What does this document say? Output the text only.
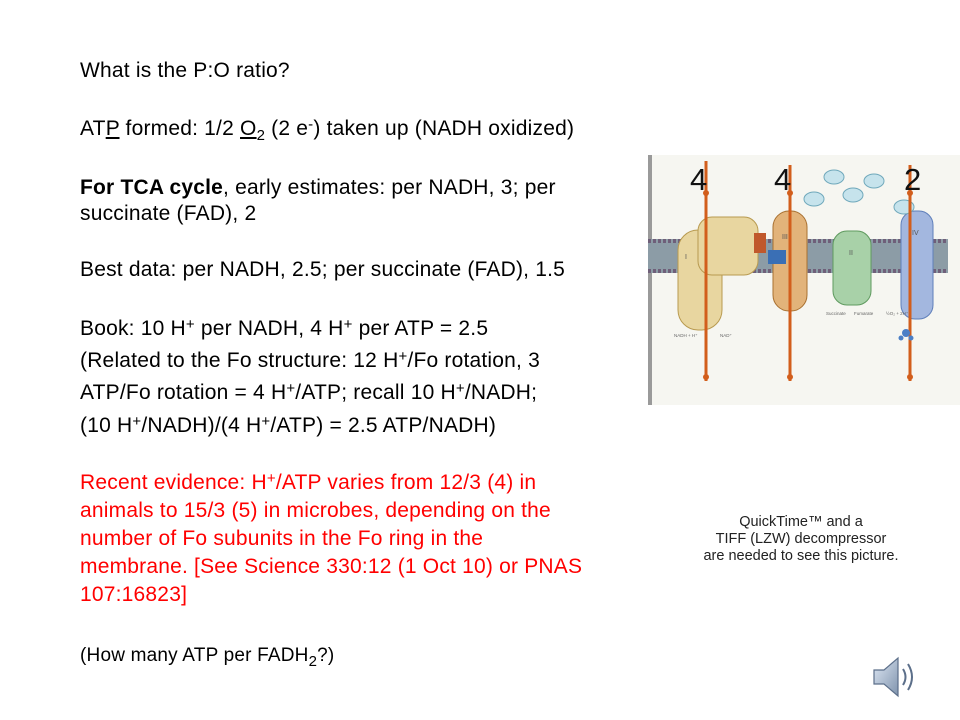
What is the P:O ratio?
ATP formed: 1/2 $O_2$ (2 e-) taken up (NADH oxidized)
For TCA cycle, early estimates: per NADH, 3; per
succinate (FAD), 2
Best data: per NADH, 2.5; per succinate (FAD), 1.5
Book: 10 H+ per NADH, 4 H+ per ATP = 2.5
(Related to the Fo structure: 12 H+/Fo rotation, 3
ATP/Fo rotation = 4 H+/ATP; recall 10 H+/NADH;
(10 H+/NADH)/(4 H+/ATP) = 2.5 ATP/NADH)
Recent evidence: H+/ATP varies from 12/3 (4) in
animals to 15/3 (5) in microbes, depending on the
number of Fo subunits in the Fo ring in the
membrane. [See Science 330:12 (1 Oct 10) or PNAS
107:16823]
(How many ATP per $FADH_2$?)
I
III
II
IV
NADH + H⁺	NAD⁺
Succinate Fumarate	½O₂ + 2H⁺
4 4	2
QuickTime™ and a
TIFF (LZW) decompressor
are needed to see this picture.
